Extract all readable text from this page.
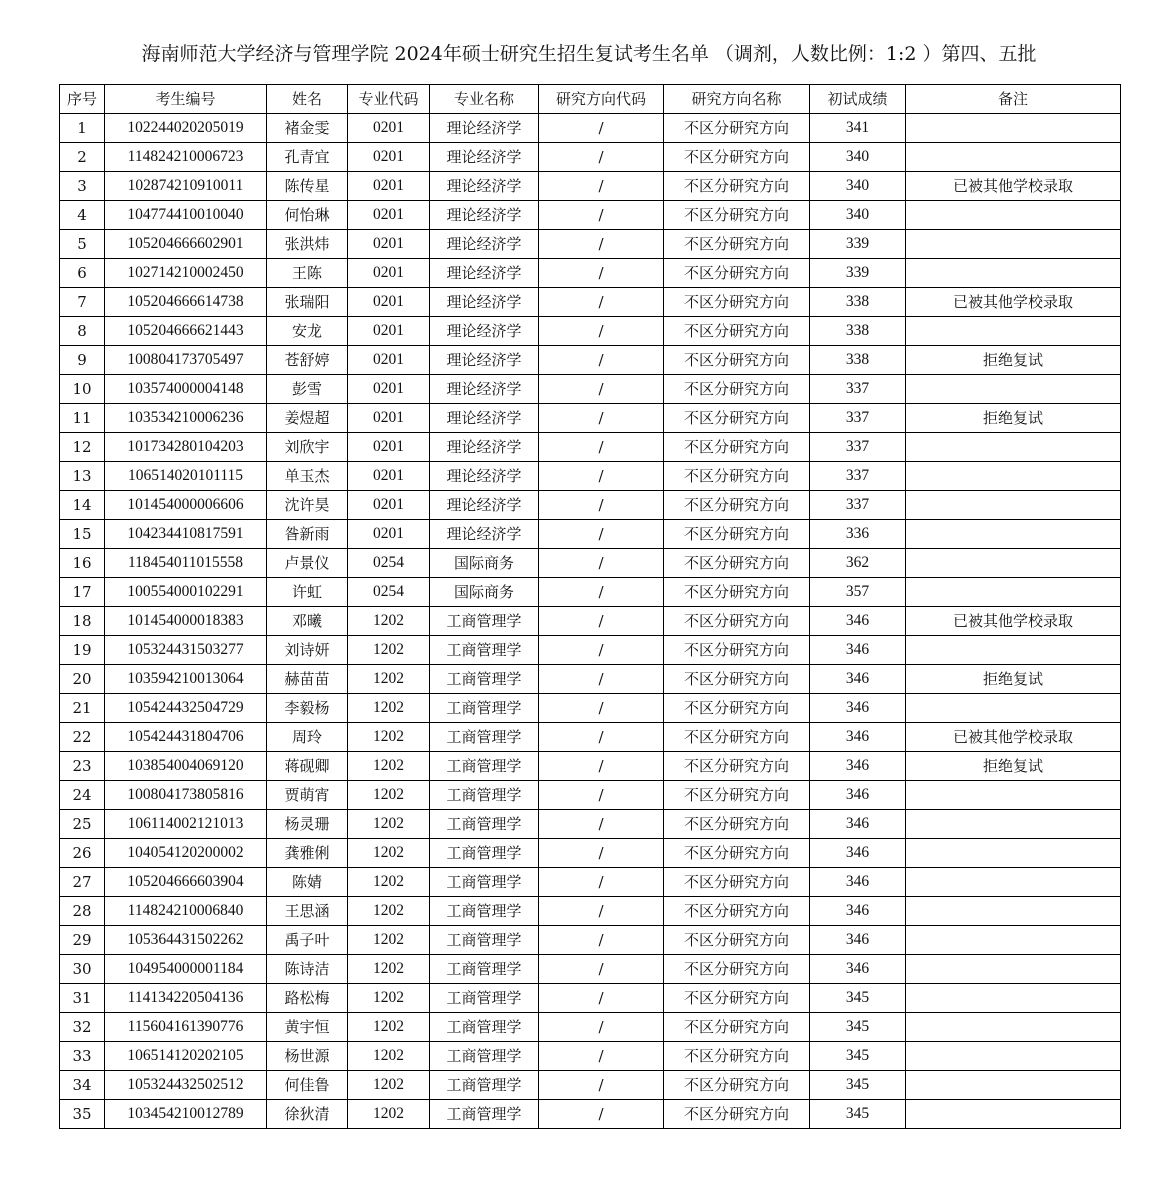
海南师范大学经济与管理学院 2024年硕士研究生招生复试考生名单 （调剂，人数比例：1:2 ）第四、五批
序号	考生编号	姓名	专业代码	专业名称	研究方向代码	研究方向名称	初试成绩	备注
1	102244020205019	褚金雯	0201	理论经济学	/	不区分研究方向	341	
2	114824210006723	孔青宜	0201	理论经济学	/	不区分研究方向	340	
3	102874210910011	陈传星	0201	理论经济学	/	不区分研究方向	340	已被其他学校录取
4	104774410010040	何怡琳	0201	理论经济学	/	不区分研究方向	340	
5	105204666602901	张洪炜	0201	理论经济学	/	不区分研究方向	339	
6	102714210002450	王陈	0201	理论经济学	/	不区分研究方向	339	
7	105204666614738	张瑞阳	0201	理论经济学	/	不区分研究方向	338	已被其他学校录取
8	105204666621443	安龙	0201	理论经济学	/	不区分研究方向	338	
9	100804173705497	苍舒婷	0201	理论经济学	/	不区分研究方向	338	拒绝复试
10	103574000004148	彭雪	0201	理论经济学	/	不区分研究方向	337	
11	103534210006236	姜煜超	0201	理论经济学	/	不区分研究方向	337	拒绝复试
12	101734280104203	刘欣宇	0201	理论经济学	/	不区分研究方向	337	
13	106514020101115	单玉杰	0201	理论经济学	/	不区分研究方向	337	
14	101454000006606	沈许昊	0201	理论经济学	/	不区分研究方向	337	
15	104234410817591	昝新雨	0201	理论经济学	/	不区分研究方向	336	
16	118454011015558	卢景仪	0254	国际商务	/	不区分研究方向	362	
17	100554000102291	许虹	0254	国际商务	/	不区分研究方向	357	
18	101454000018383	邓曦	1202	工商管理学	/	不区分研究方向	346	已被其他学校录取
19	105324431503277	刘诗妍	1202	工商管理学	/	不区分研究方向	346	
20	103594210013064	赫苗苗	1202	工商管理学	/	不区分研究方向	346	拒绝复试
21	105424432504729	李毅杨	1202	工商管理学	/	不区分研究方向	346	
22	105424431804706	周玲	1202	工商管理学	/	不区分研究方向	346	已被其他学校录取
23	103854004069120	蒋砚卿	1202	工商管理学	/	不区分研究方向	346	拒绝复试
24	100804173805816	贾萌宵	1202	工商管理学	/	不区分研究方向	346	
25	106114002121013	杨灵珊	1202	工商管理学	/	不区分研究方向	346	
26	104054120200002	龚雅俐	1202	工商管理学	/	不区分研究方向	346	
27	105204666603904	陈婧	1202	工商管理学	/	不区分研究方向	346	
28	114824210006840	王思涵	1202	工商管理学	/	不区分研究方向	346	
29	105364431502262	禹子叶	1202	工商管理学	/	不区分研究方向	346	
30	104954000001184	陈诗洁	1202	工商管理学	/	不区分研究方向	346	
31	114134220504136	路松梅	1202	工商管理学	/	不区分研究方向	345	
32	115604161390776	黄宇恒	1202	工商管理学	/	不区分研究方向	345	
33	106514120202105	杨世源	1202	工商管理学	/	不区分研究方向	345	
34	105324432502512	何佳鲁	1202	工商管理学	/	不区分研究方向	345	
35	103454210012789	徐狄清	1202	工商管理学	/	不区分研究方向	345	
